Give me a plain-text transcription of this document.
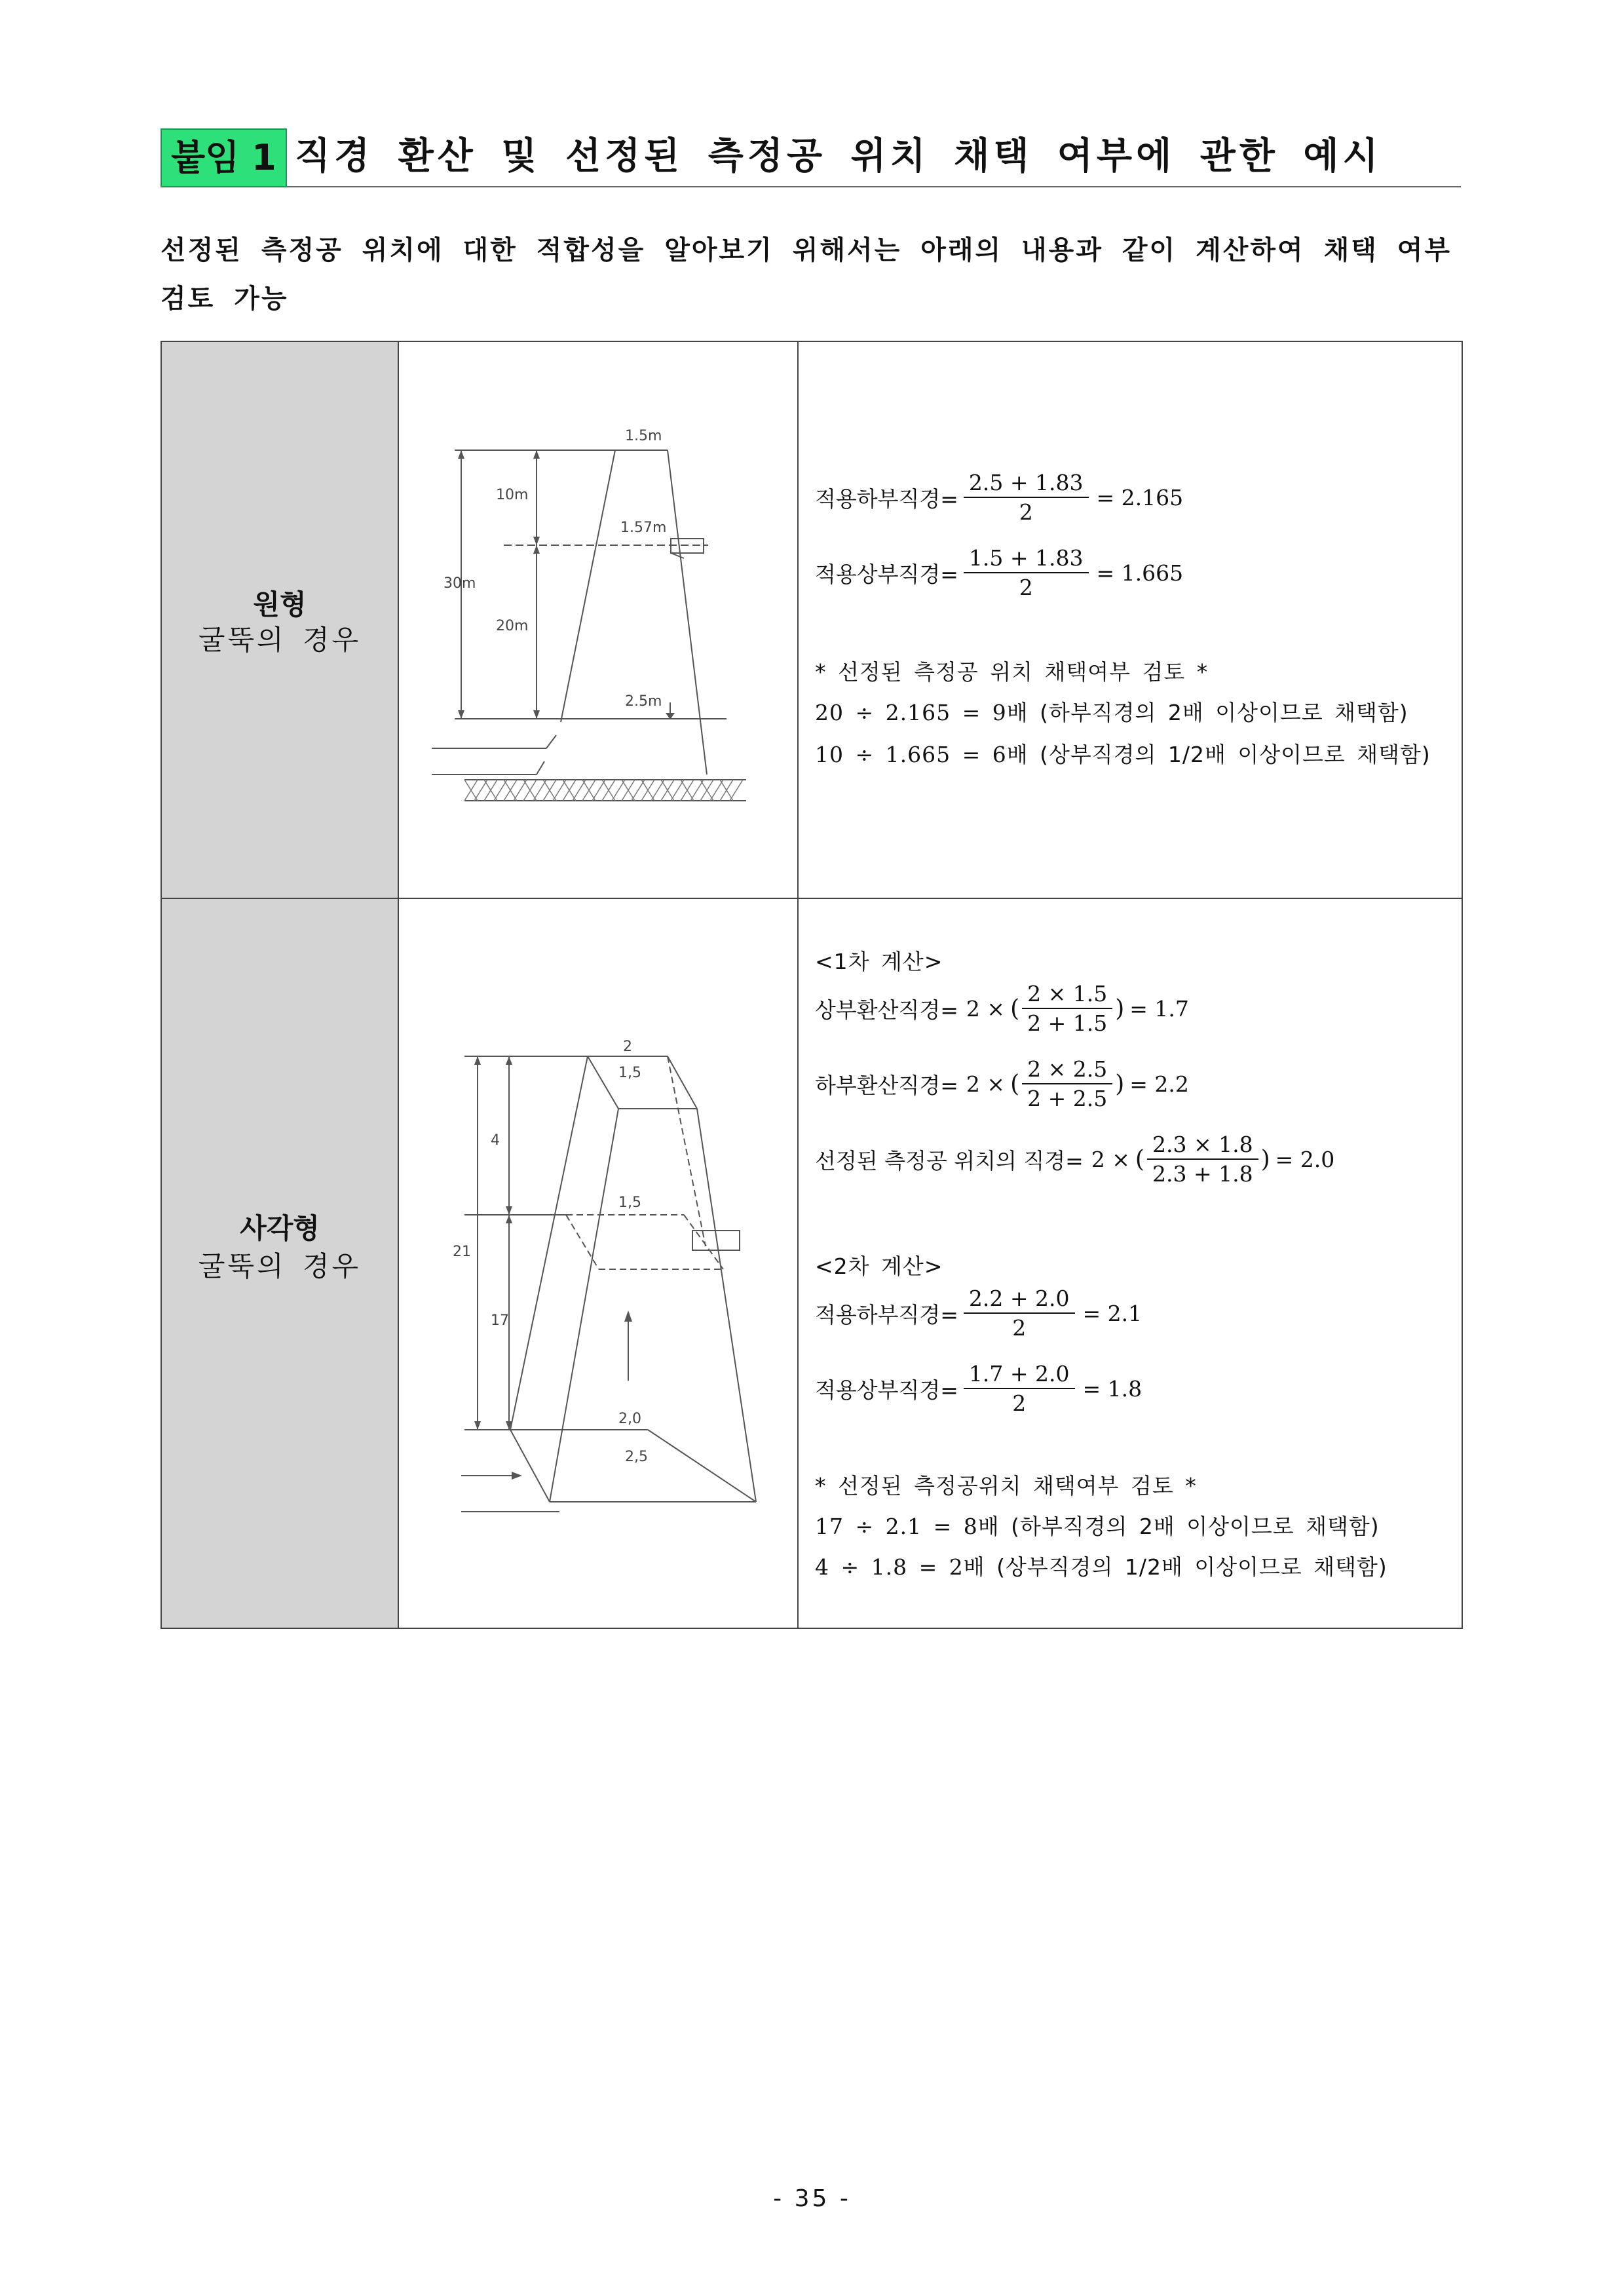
붙임 1 직경 환산 및 선정된 측정공 위치 채택 여부에 관한 예시
선정된 측정공 위치에 대한 적합성을 알아보기 위해서는 아래의 내용과 같이 계산하여 채택 여부
검토 가능
원형
굴뚝의 경우
1.5m
10m
1.57m
30m
20m
2.5m
적용하부직경= $\frac{2.5 + 1.83}{2} = 2.165$
적용상부직경= $\frac{1.5 + 1.83}{2} = 1.665$
* 선정된 측정공 위치 채택여부 검토 *
20 ÷ 2.165 = 9배 (하부직경의 2배 이상이므로 채택함)
10 ÷ 1.665 = 6배 (상부직경의 1/2배 이상이므로 채택함)
사각형
굴뚝의 경우
2
1,5
4
1,5
21
17
2,0
2,5
<1차 계산>
상부환산직경= 2 × ( $\frac{2 \times 1.5}{2 + 1.5}$ ) = 1.7
하부환산직경= 2 × ( $\frac{2 \times 2.5}{2 + 2.5}$ ) = 2.2
선정된 측정공 위치의 직경= 2 × ( $\frac{2.3 \times 1.8}{2.3 + 1.8}$ ) = 2.0
<2차 계산>
적용하부직경= $\frac{2.2 + 2.0}{2} = 2.1$
적용상부직경= $\frac{1.7 + 2.0}{2} = 1.8$
* 선정된 측정공위치 채택여부 검토 *
17 ÷ 2.1 = 8배 (하부직경의 2배 이상이므로 채택함)
4 ÷ 1.8 = 2배 (상부직경의 1/2배 이상이므로 채택함)
- 35 -
